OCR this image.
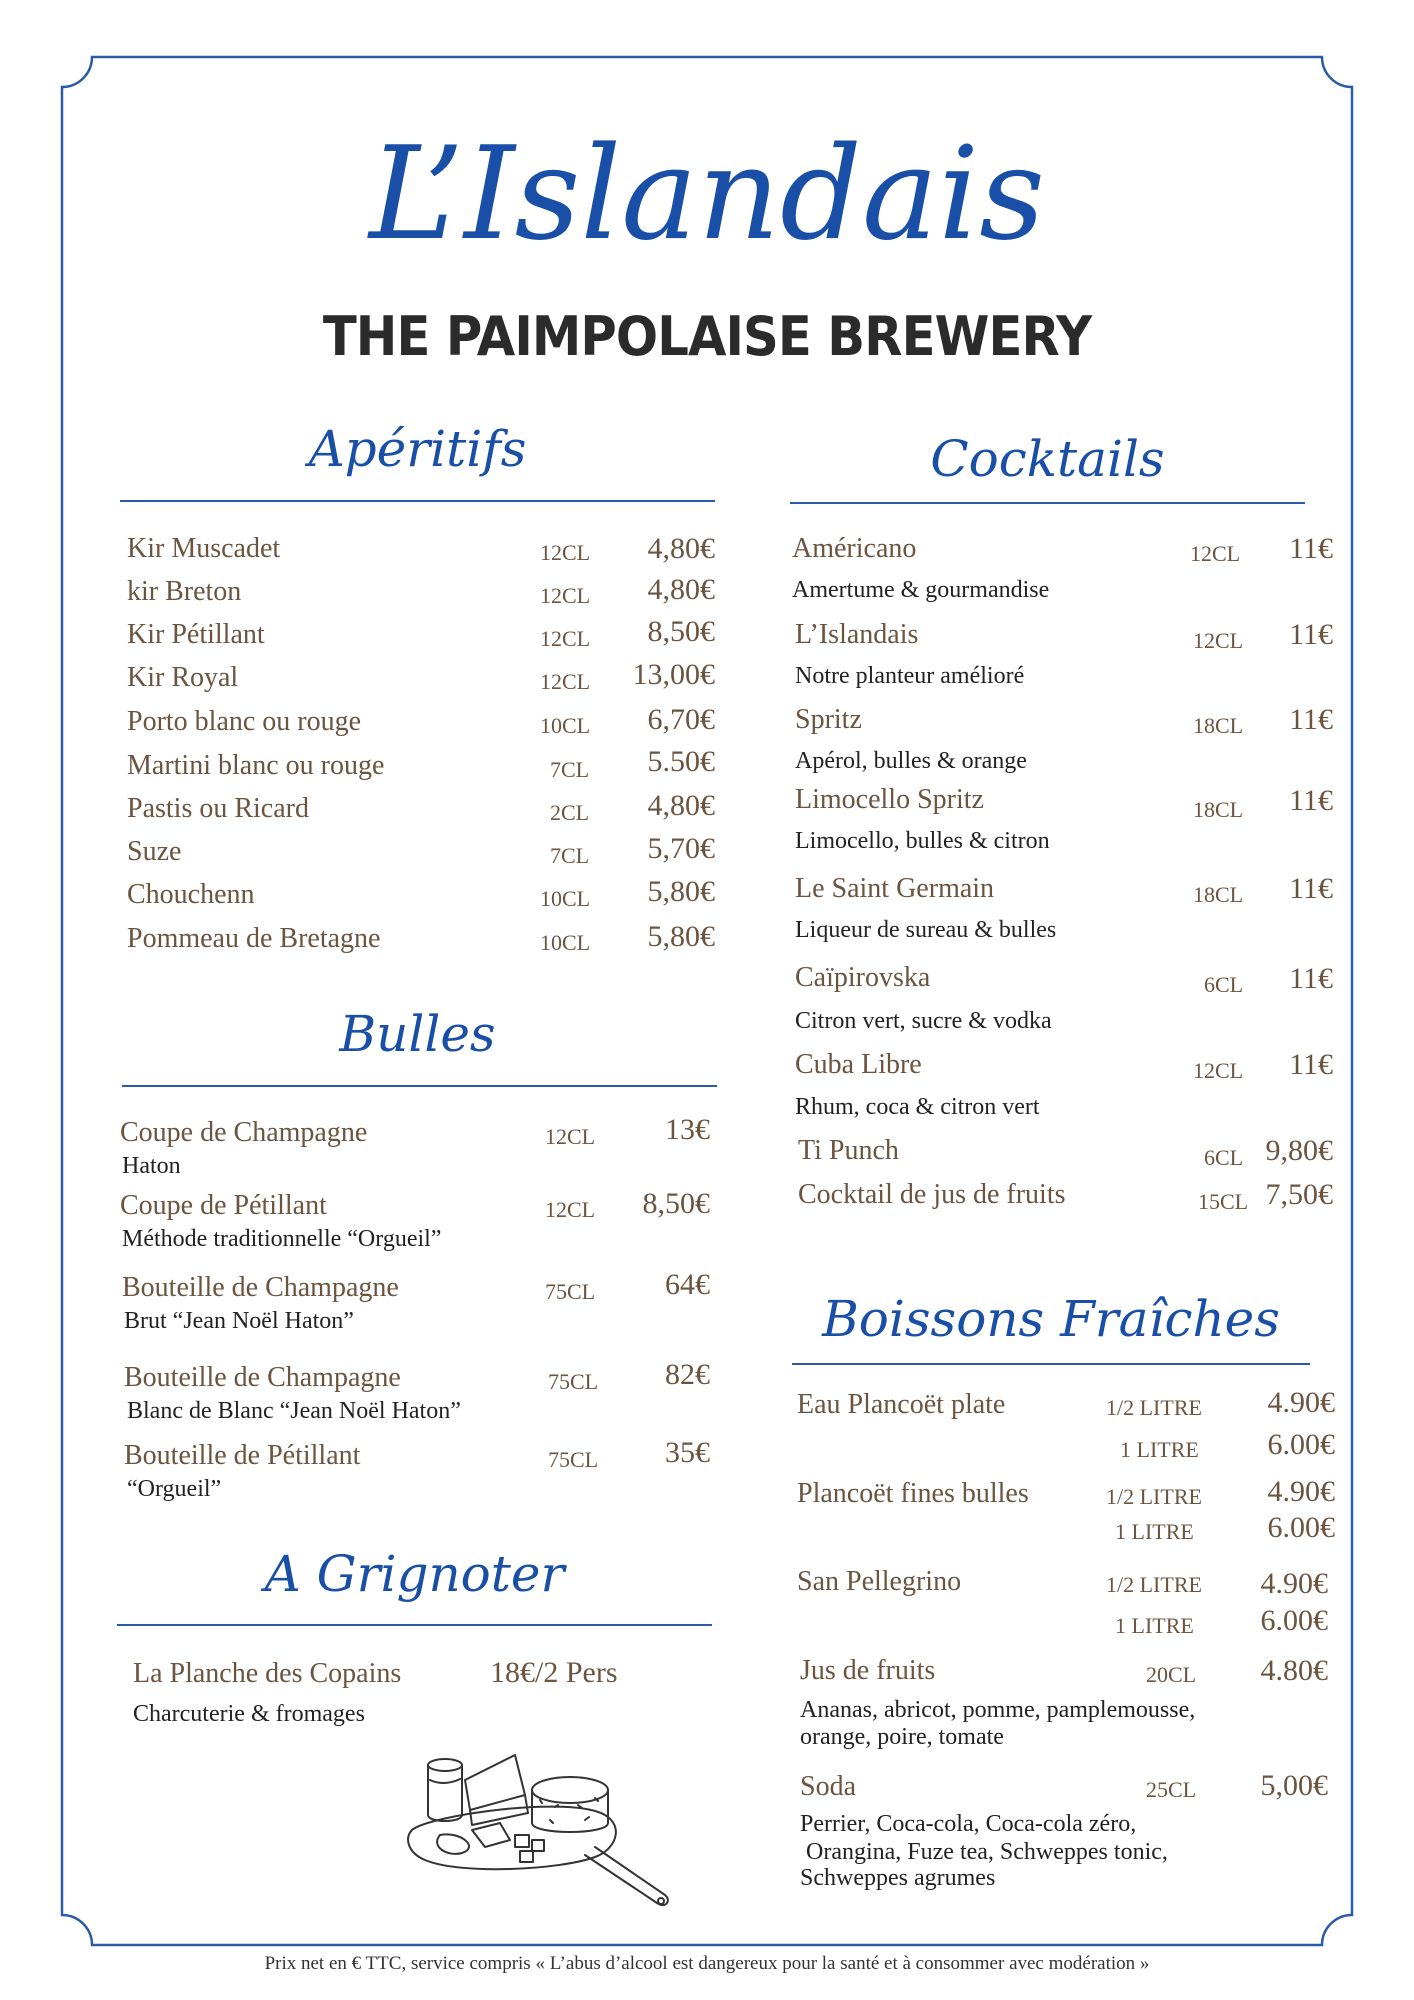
L’Islandais
THE PAIMPOLAISE BREWERY
Apéritifs
Kir Muscadet	12CL	4,80€
kir Breton	12CL	4,80€
Kir Pétillant	12CL	8,50€
Kir Royal	12CL	13,00€
Porto blanc ou rouge	10CL	6,70€
Martini blanc ou rouge	7CL	5.50€
Pastis ou Ricard	2CL	4,80€
Suze	7CL	5,70€
Chouchenn	10CL	5,80€
Pommeau de Bretagne	10CL	5,80€
Bulles
Coupe de Champagne	12CL	13€
Haton
Coupe de Pétillant	12CL	8,50€
Méthode traditionnelle “Orgueil”
Bouteille de Champagne	75CL	64€
Brut “Jean Noël Haton”
Bouteille de Champagne	75CL	82€
Blanc de Blanc “Jean Noël Haton”
Bouteille de Pétillant	75CL	35€
“Orgueil”
A Grignoter
La Planche des Copains	18€/2 Pers
Charcuterie & fromages
Cocktails
Américano	12CL	11€
Amertume & gourmandise
L’Islandais	12CL	11€
Notre planteur amélioré
Spritz	18CL	11€
Apérol, bulles & orange
Limocello Spritz	18CL	11€
Limocello, bulles & citron
Le Saint Germain	18CL	11€
Liqueur de sureau & bulles
Caïpirovska	6CL	11€
Citron vert, sucre & vodka
Cuba Libre	12CL	11€
Rhum, coca & citron vert
Ti Punch	6CL 9,80€
Cocktail de jus de fruits	15CL 7,50€
Boissons Fraîches
Eau Plancoët plate	1/2 LITRE	4.90€
1 LITRE	6.00€
Plancoët fines bulles	1/2 LITRE	4.90€
1 LITRE	6.00€
San Pellegrino	1/2 LITRE	4.90€
1 LITRE	6.00€
Jus de fruits	20CL	4.80€
Ananas, abricot, pomme, pamplemousse,
orange, poire, tomate
Soda	25CL	5,00€
Perrier, Coca-cola, Coca-cola zéro,
Orangina, Fuze tea, Schweppes tonic,
Schweppes agrumes
Prix net en € TTC, service compris « L’abus d’alcool est dangereux pour la santé et à consommer avec modération »
